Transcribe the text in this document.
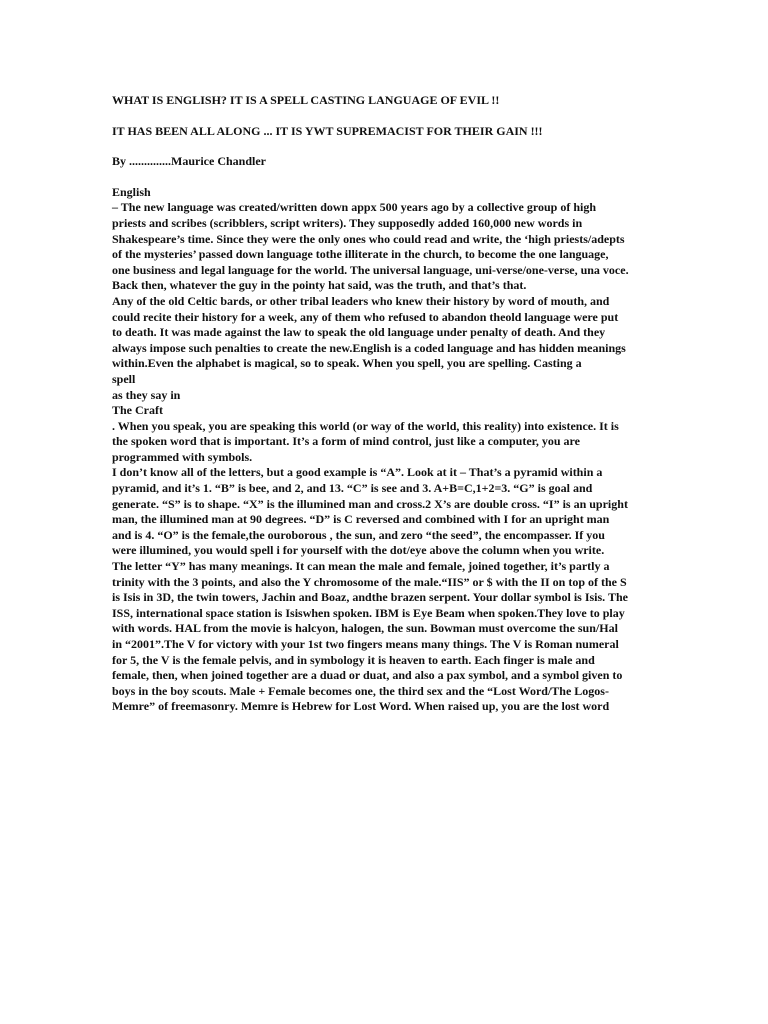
WHAT IS ENGLISH? IT IS A SPELL CASTING LANGUAGE OF EVIL !!
IT HAS BEEN ALL ALONG ... IT IS YWT SUPREMACIST FOR THEIR GAIN !!!
By ..............Maurice Chandler
English
– The new language was created/written down appx 500 years ago by a collective group of high
priests and scribes (scribblers, script writers). They supposedly added 160,000 new words in
Shakespeare’s time. Since they were the only ones who could read and write, the ‘high priests/adepts
of the mysteries’ passed down language tothe illiterate in the church, to become the one language,
one business and legal language for the world. The universal language, uni-verse/one-verse, una voce.
Back then, whatever the guy in the pointy hat said, was the truth, and that’s that.
Any of the old Celtic bards, or other tribal leaders who knew their history by word of mouth, and
could recite their history for a week, any of them who refused to abandon theold language were put
to death. It was made against the law to speak the old language under penalty of death. And they
always impose such penalties to create the new.English is a coded language and has hidden meanings
within.Even the alphabet is magical, so to speak. When you spell, you are spelling. Casting a
spell
as they say in
The Craft
. When you speak, you are speaking this world (or way of the world, this reality) into existence. It is
the spoken word that is important. It’s a form of mind control, just like a computer, you are
programmed with symbols.
I don’t know all of the letters, but a good example is “A”. Look at it – That’s a pyramid within a
pyramid, and it’s 1. “B” is bee, and 2, and 13. “C” is see and 3. A+B=C,1+2=3. “G” is goal and
generate. “S” is to shape. “X” is the illumined man and cross.2 X’s are double cross. “I” is an upright
man, the illumined man at 90 degrees. “D” is C reversed and combined with I for an upright man
and is 4. “O” is the female,the ouroborous , the sun, and zero “the seed”, the encompasser. If you
were illumined, you would spell i for yourself with the dot/eye above the column when you write.
The letter “Y” has many meanings. It can mean the male and female, joined together, it’s partly a
trinity with the 3 points, and also the Y chromosome of the male.“IIS” or $ with the II on top of the S
is Isis in 3D, the twin towers, Jachin and Boaz, andthe brazen serpent. Your dollar symbol is Isis. The
ISS, international space station is Isiswhen spoken. IBM is Eye Beam when spoken.They love to play
with words. HAL from the movie is halcyon, halogen, the sun. Bowman must overcome the sun/Hal
in “2001”.The V for victory with your 1st two fingers means many things. The V is Roman numeral
for 5, the V is the female pelvis, and in symbology it is heaven to earth. Each finger is male and
female, then, when joined together are a duad or duat, and also a pax symbol, and a symbol given to
boys in the boy scouts. Male + Female becomes one, the third sex and the “Lost Word/The Logos-
Memre” of freemasonry. Memre is Hebrew for Lost Word. When raised up, you are the lost word
